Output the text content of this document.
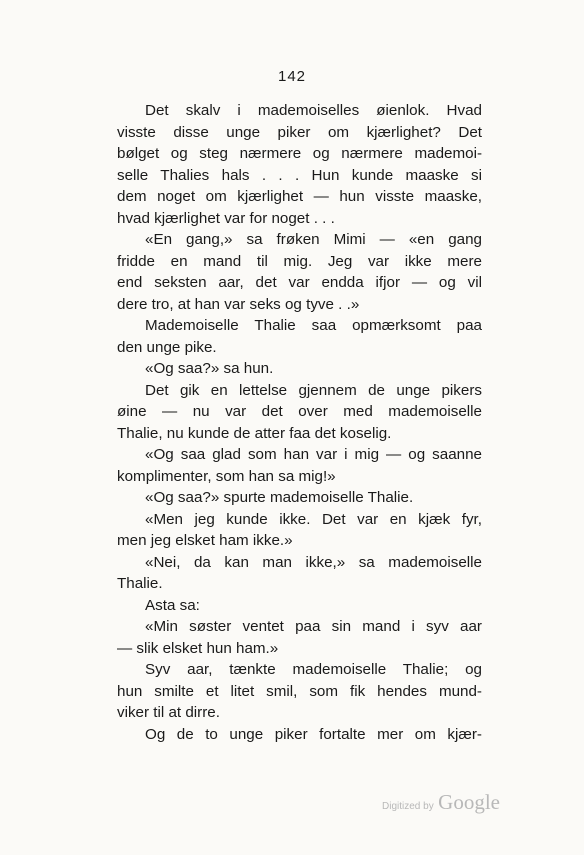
142
Det skalv i mademoiselles øienlok. Hvad
visste disse unge piker om kjærlighet? Det
bølget og steg nærmere og nærmere mademoi-
selle Thalies hals . . . Hun kunde maaske si
dem noget om kjærlighet — hun visste maaske,
hvad kjærlighet var for noget . . .
«En gang,» sa frøken Mimi — «en gang
fridde en mand til mig. Jeg var ikke mere
end seksten aar, det var endda ifjor — og vil
dere tro, at han var seks og tyve . .»
Mademoiselle Thalie saa opmærksomt paa
den unge pike.
«Og saa?» sa hun.
Det gik en lettelse gjennem de unge pikers
øine — nu var det over med mademoiselle
Thalie, nu kunde de atter faa det koselig.
«Og saa glad som han var i mig — og saanne
komplimenter, som han sa mig!»
«Og saa?» spurte mademoiselle Thalie.
«Men jeg kunde ikke. Det var en kjæk fyr,
men jeg elsket ham ikke.»
«Nei, da kan man ikke,» sa mademoiselle
Thalie.
Asta sa:
«Min søster ventet paa sin mand i syv aar
— slik elsket hun ham.»
Syv aar, tænkte mademoiselle Thalie; og
hun smilte et litet smil, som fik hendes mund-
viker til at dirre.
Og de to unge piker fortalte mer om kjær-
Digitized by Google
